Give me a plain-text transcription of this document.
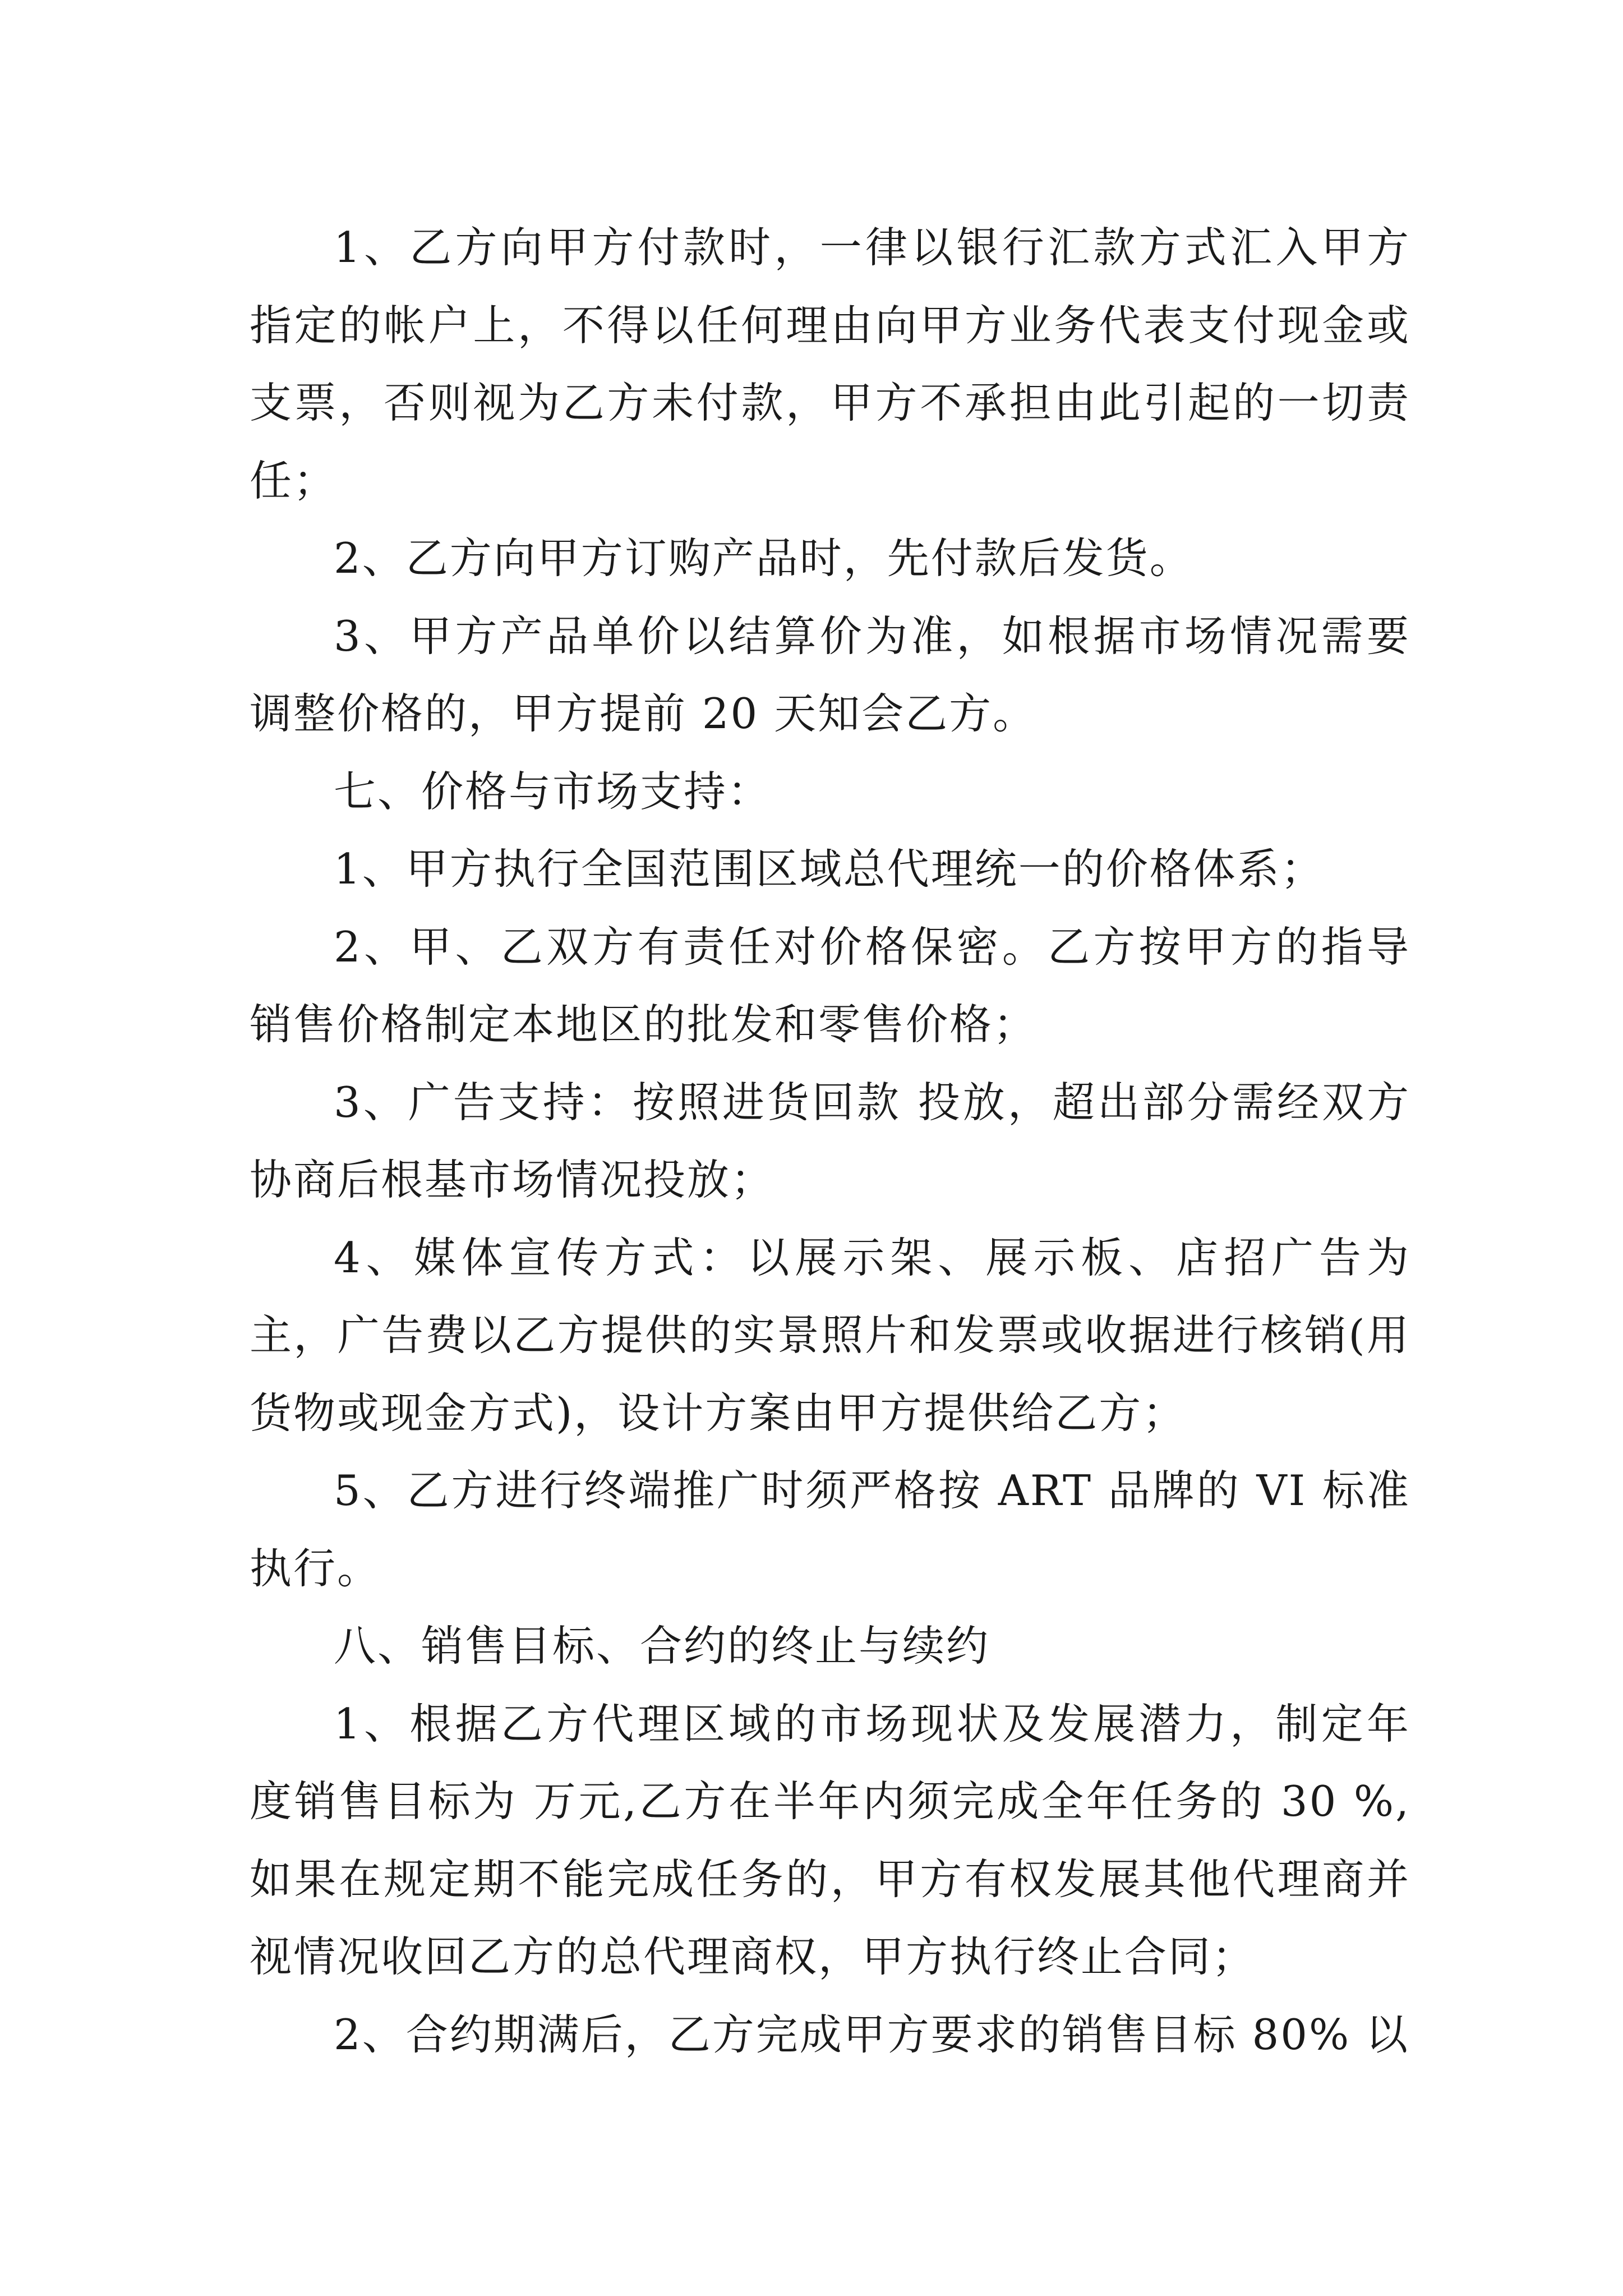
1、乙方向甲方付款时，一律以银行汇款方式汇入甲方指定的帐户上，不得以任何理由向甲方业务代表支付现金或支票，否则视为乙方未付款，甲方不承担由此引起的一切责任；

2、乙方向甲方订购产品时，先付款后发货。

3、甲方产品单价以结算价为准，如根据市场情况需要调整价格的，甲方提前 20 天知会乙方。

七、价格与市场支持：

1、甲方执行全国范围区域总代理统一的价格体系；

2、甲、乙双方有责任对价格保密。乙方按甲方的指导销售价格制定本地区的批发和零售价格；

3、广告支持：按照进货回款 投放，超出部分需经双方协商后根基市场情况投放；

4、媒体宣传方式：以展示架、展示板、店招广告为主，广告费以乙方提供的实景照片和发票或收据进行核销(用货物或现金方式)，设计方案由甲方提供给乙方；

5、乙方进行终端推广时须严格按 ART 品牌的 VI 标准执行。

八、销售目标、合约的终止与续约

1、根据乙方代理区域的市场现状及发展潜力，制定年度销售目标为 万元,乙方在半年内须完成全年任务的 30 %,如果在规定期不能完成任务的，甲方有权发展其他代理商并视情况收回乙方的总代理商权，甲方执行终止合同；

2、合约期满后，乙方完成甲方要求的销售目标 80% 以
